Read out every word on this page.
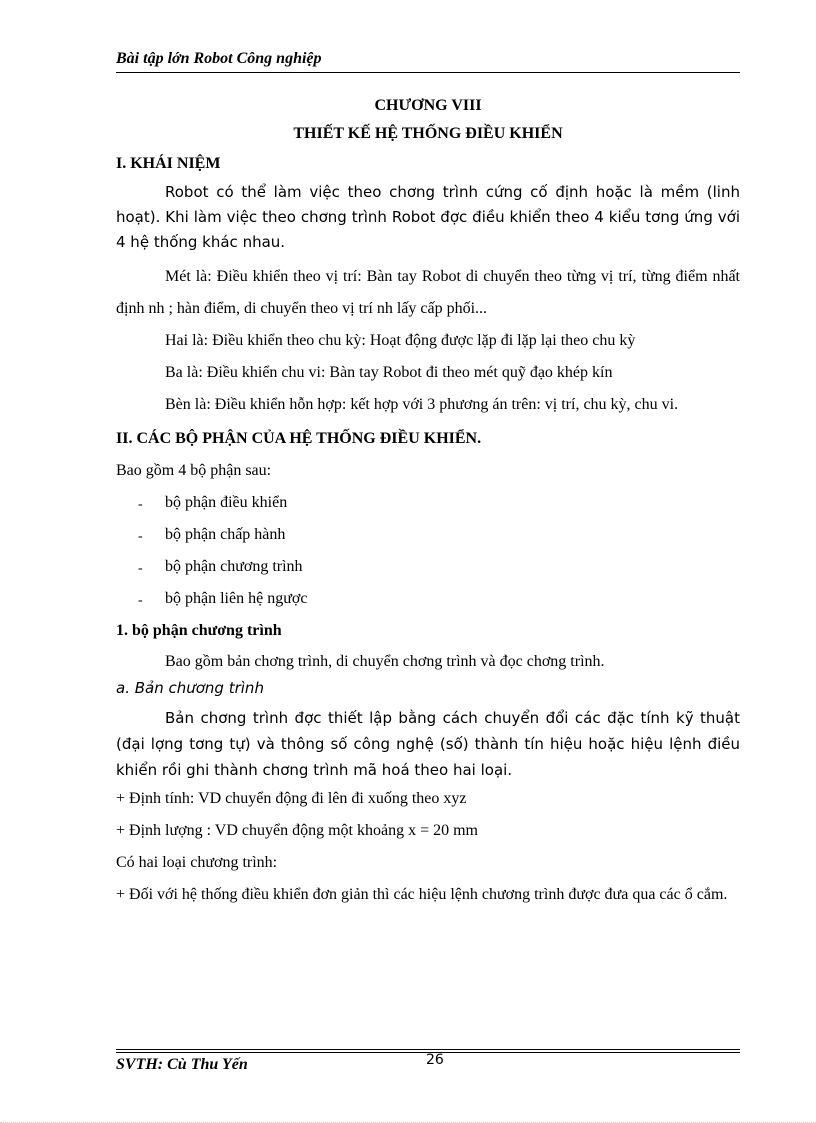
Bài tập lớn Robot Công nghiệp
CHƯƠNG VIII
THIẾT KẾ HỆ THỐNG ĐIỀU KHIỂN
I. KHÁI NIỆM
Robot có thể làm việc theo chơng trình cứng cố định hoặc là mềm (linh hoạt). Khi làm việc theo chơng trình Robot đợc điều khiển theo 4 kiểu tơng ứng với 4 hệ thống khác nhau.
Mét là: Điều khiển theo vị trí: Bàn tay Robot di chuyển theo từng vị trí, từng điểm nhất định nh ; hàn điểm, di chuyển theo vị trí nh lấy cấp phối...
Hai là: Điều khiển theo chu kỳ: Hoạt động được lặp đi lặp lại theo chu kỳ
Ba là: Điều khiển chu vi: Bàn tay Robot đi theo mét quỹ đạo khép kín
Bèn là: Điều khiển hỗn hợp: kết hợp với 3 phương án trên: vị trí, chu kỳ, chu vi.
II. CÁC BỘ PHẬN CỦA HỆ THỐNG ĐIỀU KHIỂN.
Bao gồm 4 bộ phận sau:
- bộ phận điều khiển
- bộ phận chấp hành
- bộ phận chương trình
- bộ phận liên hệ ngược
1. bộ phận chương trình
Bao gồm bản chơng trình, di chuyển chơng trình và đọc chơng trình.
a. Bản chương trình
Bản chơng trình đợc thiết lập bằng cách chuyển đổi các đặc tính kỹ thuật (đại lợng tơng tự) và thông số công nghệ (số) thành tín hiệu hoặc hiệu lệnh điều khiển rồi ghi thành chơng trình mã hoá theo hai loại.
+ Định tính: VD chuyển động đi lên đi xuống theo xyz
+ Định lượng : VD chuyển động một khoảng x = 20 mm
Có hai loại chương trình:
+ Đối với hệ thống điều khiển đơn giản thì các hiệu lệnh chương trình được đưa qua các ổ cắm.
SVTH: Cù Thu Yến	26
